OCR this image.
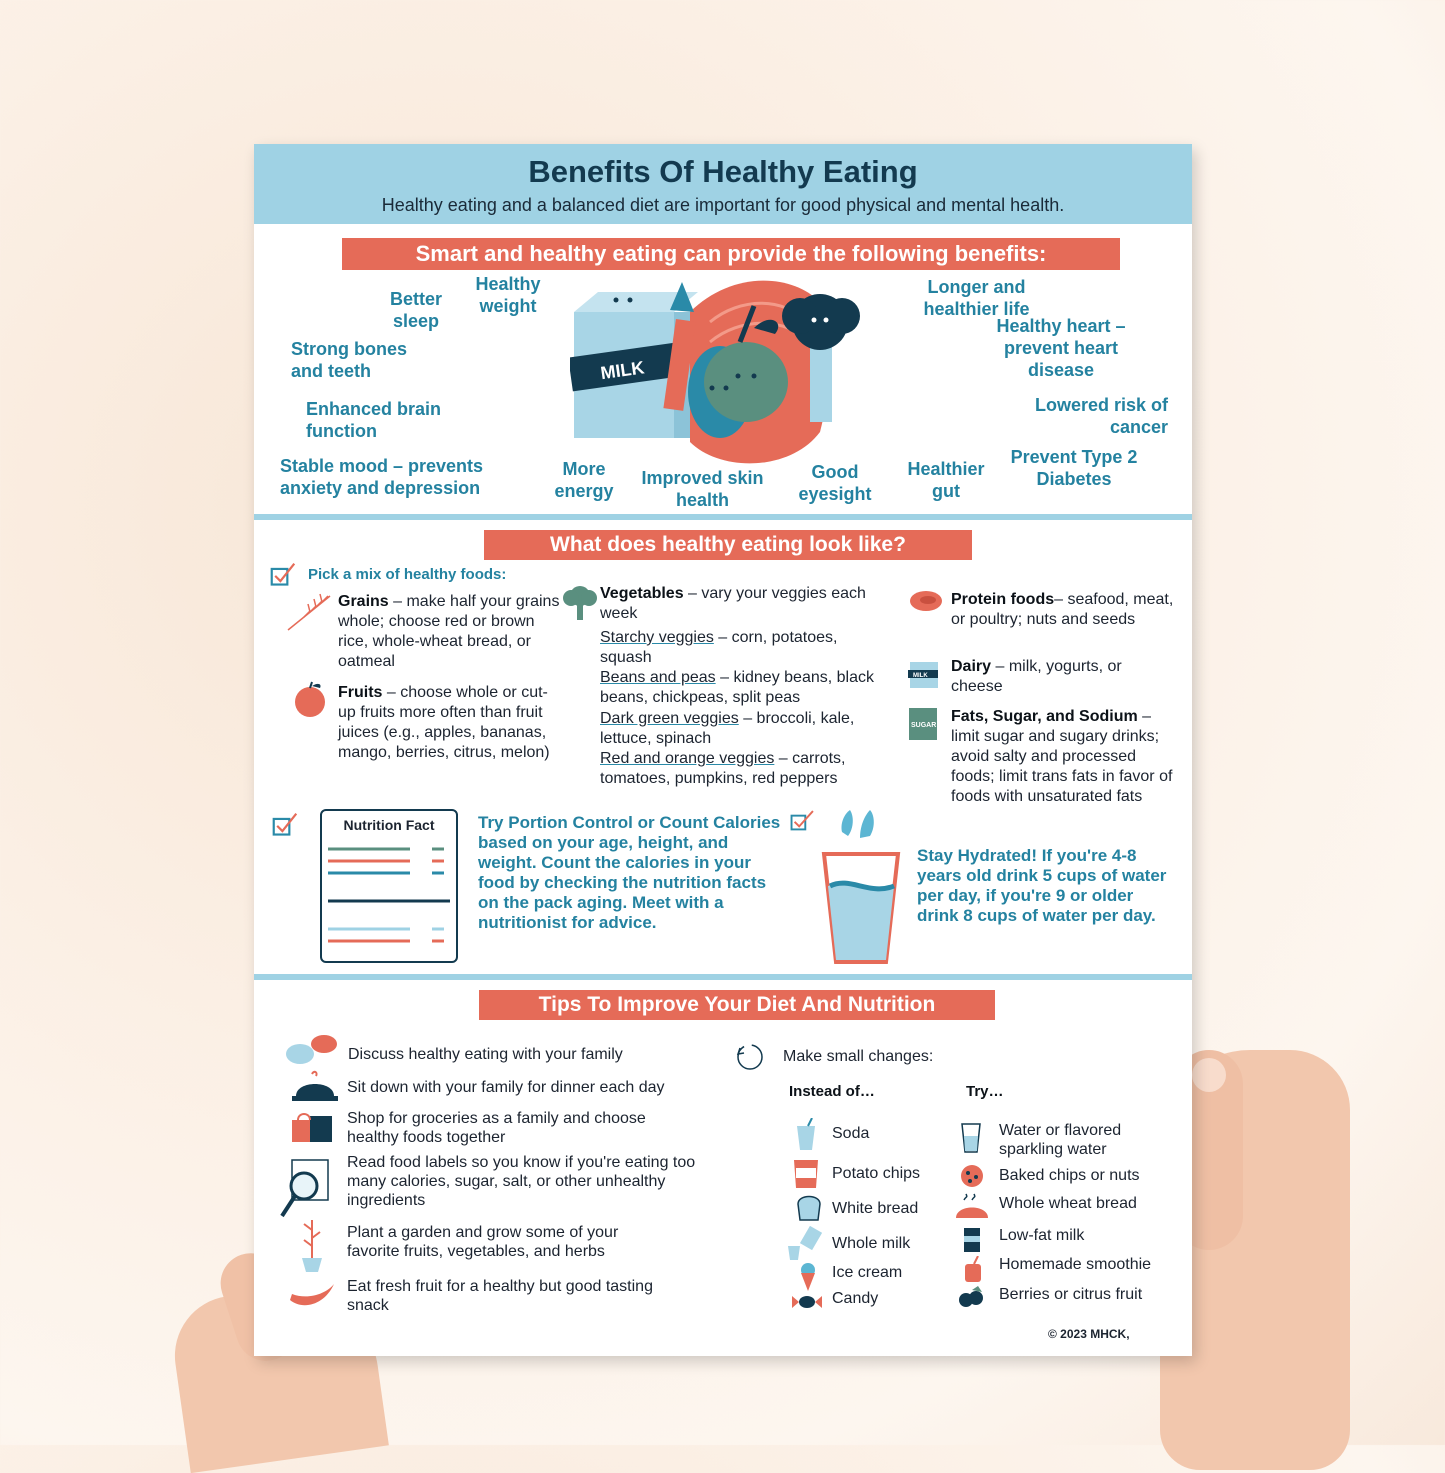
Benefits Of Healthy Eating

Healthy eating and a balanced diet are important for good physical and mental health.

Smart and healthy eating can provide the following benefits:
Better sleep
Healthy weight
Strong bones and teeth
Enhanced brain function
Stable mood – prevents anxiety and depression
More energy
Improved skin health
Good eyesight
Healthier gut
Prevent Type 2 Diabetes
Longer and healthier life
Healthy heart – prevent heart disease
Lowered risk of cancer
MILK
What does healthy eating look like?
Pick a mix of healthy foods:
Grains – make half your grains whole; choose red or brown rice, whole-wheat bread, or oatmeal
Fruits – choose whole or cut-up fruits more often than fruit juices (e.g., apples, bananas, mango, berries, citrus, melon)
Vegetables – vary your veggies each week
Starchy veggies – corn, potatoes, squash
Beans and peas – kidney beans, black beans, chickpeas, split peas
Dark green veggies – broccoli, kale, lettuce, spinach
Red and orange veggies – carrots, tomatoes, pumpkins, red peppers
Protein foods– seafood, meat, or poultry; nuts and seeds
MILK
Dairy – milk, yogurts, or cheese
SUGAR
Fats, Sugar, and Sodium – limit sugar and sugary drinks; avoid salty and processed foods; limit trans fats in favor of foods with unsaturated fats
Nutrition Fact	Try Portion Control or Count Calories based on your age, height, and weight. Count the calories in your food by checking the nutrition facts on the pack aging. Meet with a nutritionist for advice.
Stay Hydrated! If you're 4-8 years old drink 5 cups of water per day, if you're 9 or older drink 8 cups of water per day.
Tips To Improve Your Diet And Nutrition
Discuss healthy eating with your family
Sit down with your family for dinner each day
Shop for groceries as a family and choose healthy foods together
Read food labels so you know if you're eating too many calories, sugar, salt, or other unhealthy ingredients
Plant a garden and grow some of your favorite fruits, vegetables, and herbs
Eat fresh fruit for a healthy but good tasting snack
Make small changes:
Instead of…	Try…
Soda
Potato chips
White bread
Whole milk
Ice cream
Candy
Water or flavored sparkling water
Baked chips or nuts
Whole wheat bread
Low-fat milk
Homemade smoothie
Berries or citrus fruit
© 2023 MHCK,
